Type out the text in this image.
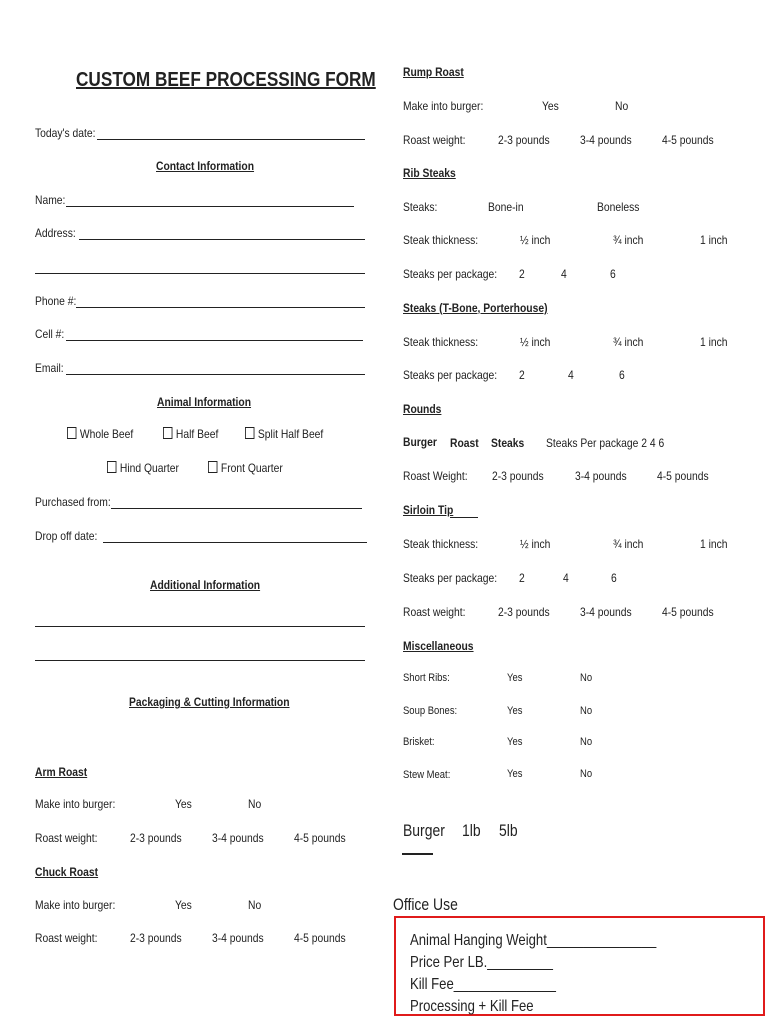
CUSTOM BEEF PROCESSING FORM
Today's date:
Contact Information
Name:
Address:
Phone #:
Cell #:
Email:
Animal Information
Whole Beef	Half Beef	Split Half Beef
Hind Quarter	Front Quarter
Purchased from:
Drop off date:
Additional Information
Packaging & Cutting Information
Arm Roast
Make into burger:	Yes	No
Roast weight:	2-3 pounds	3-4 pounds	4-5 pounds
Chuck Roast
Make into burger:	Yes	No
Roast weight:	2-3 pounds	3-4 pounds	4-5 pounds
Rump Roast
Make into burger:	Yes	No
Roast weight:	2-3 pounds	3-4 pounds	4-5 pounds
Rib Steaks
Steaks:	Bone-in	Boneless
Steak thickness:	½ inch	¾ inch	1 inch
Steaks per package: 2	4	6
Steaks (T-Bone, Porterhouse)
Steak thickness:	½ inch	¾ inch	1 inch
Steaks per package: 2	4	6
Rounds
Burger Roast Steaks Steaks Per package 2 4 6
Roast Weight: 2-3 pounds	3-4 pounds	4-5 pounds
Sirloin Tip
Steak thickness:	½ inch	¾ inch	1 inch
Steaks per package: 2	4	6
Roast weight:	2-3 pounds	3-4 pounds	4-5 pounds
Miscellaneous
Short Ribs:	Yes	No
Soup Bones:	Yes	No
Brisket:	Yes	No
Stew Meat:	Yes	No
Burger 1lb 5lb
Office Use
Animal Hanging Weight_______________
Price Per LB._________
Kill Fee______________
Processing + Kill Fee
